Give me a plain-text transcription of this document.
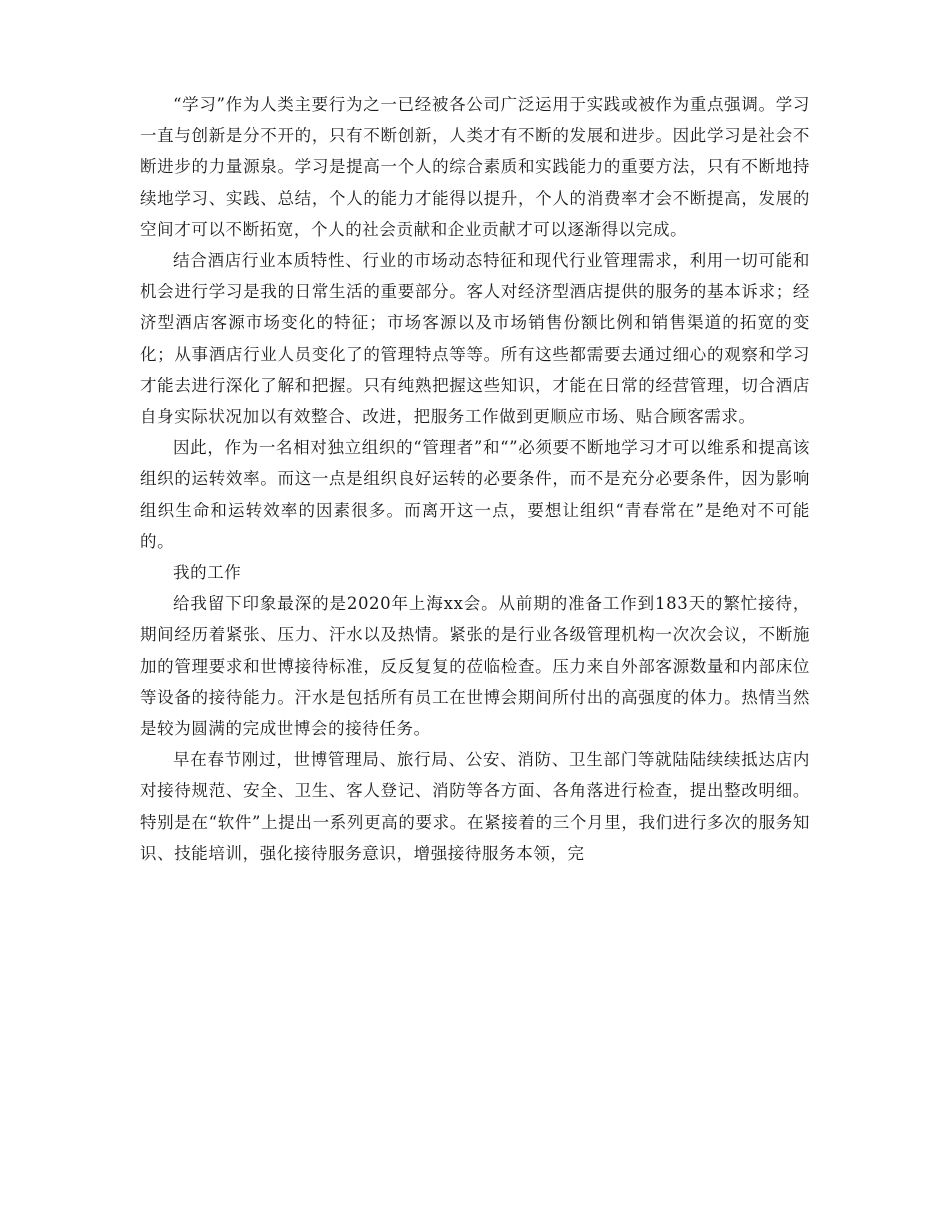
“学习”作为人类主要行为之一已经被各公司广泛运用于实践或被作为重点强调。学习一直与创新是分不开的，只有不断创新，人类才有不断的发展和进步。因此学习是社会不断进步的力量源泉。学习是提高一个人的综合素质和实践能力的重要方法，只有不断地持续地学习、实践、总结，个人的能力才能得以提升，个人的消费率才会不断提高，发展的空间才可以不断拓宽，个人的社会贡献和企业贡献才可以逐渐得以完成。

结合酒店行业本质特性、行业的市场动态特征和现代行业管理需求，利用一切可能和机会进行学习是我的日常生活的重要部分。客人对经济型酒店提供的服务的基本诉求；经济型酒店客源市场变化的特征；市场客源以及市场销售份额比例和销售渠道的拓宽的变化；从事酒店行业人员变化了的管理特点等等。所有这些都需要去通过细心的观察和学习才能去进行深化了解和把握。只有纯熟把握这些知识，才能在日常的经营管理，切合酒店自身实际状况加以有效整合、改进，把服务工作做到更顺应市场、贴合顾客需求。

因此，作为一名相对独立组织的“管理者”和“”必须要不断地学习才可以维系和提高该组织的运转效率。而这一点是组织良好运转的必要条件，而不是充分必要条件，因为影响组织生命和运转效率的因素很多。而离开这一点，要想让组织“青春常在”是绝对不可能的。

我的工作

给我留下印象最深的是2020年上海xx会。从前期的准备工作到183天的繁忙接待，期间经历着紧张、压力、汗水以及热情。紧张的是行业各级管理机构一次次会议，不断施加的管理要求和世博接待标准，反反复复的莅临检查。压力来自外部客源数量和内部床位等设备的接待能力。汗水是包括所有员工在世博会期间所付出的高强度的体力。热情当然是较为圆满的完成世博会的接待任务。

早在春节刚过，世博管理局、旅行局、公安、消防、卫生部门等就陆陆续续抵达店内对接待规范、安全、卫生、客人登记、消防等各方面、各角落进行检查，提出整改明细。特别是在“软件”上提出一系列更高的要求。在紧接着的三个月里，我们进行多次的服务知识、技能培训，强化接待服务意识，增强接待服务本领，完
